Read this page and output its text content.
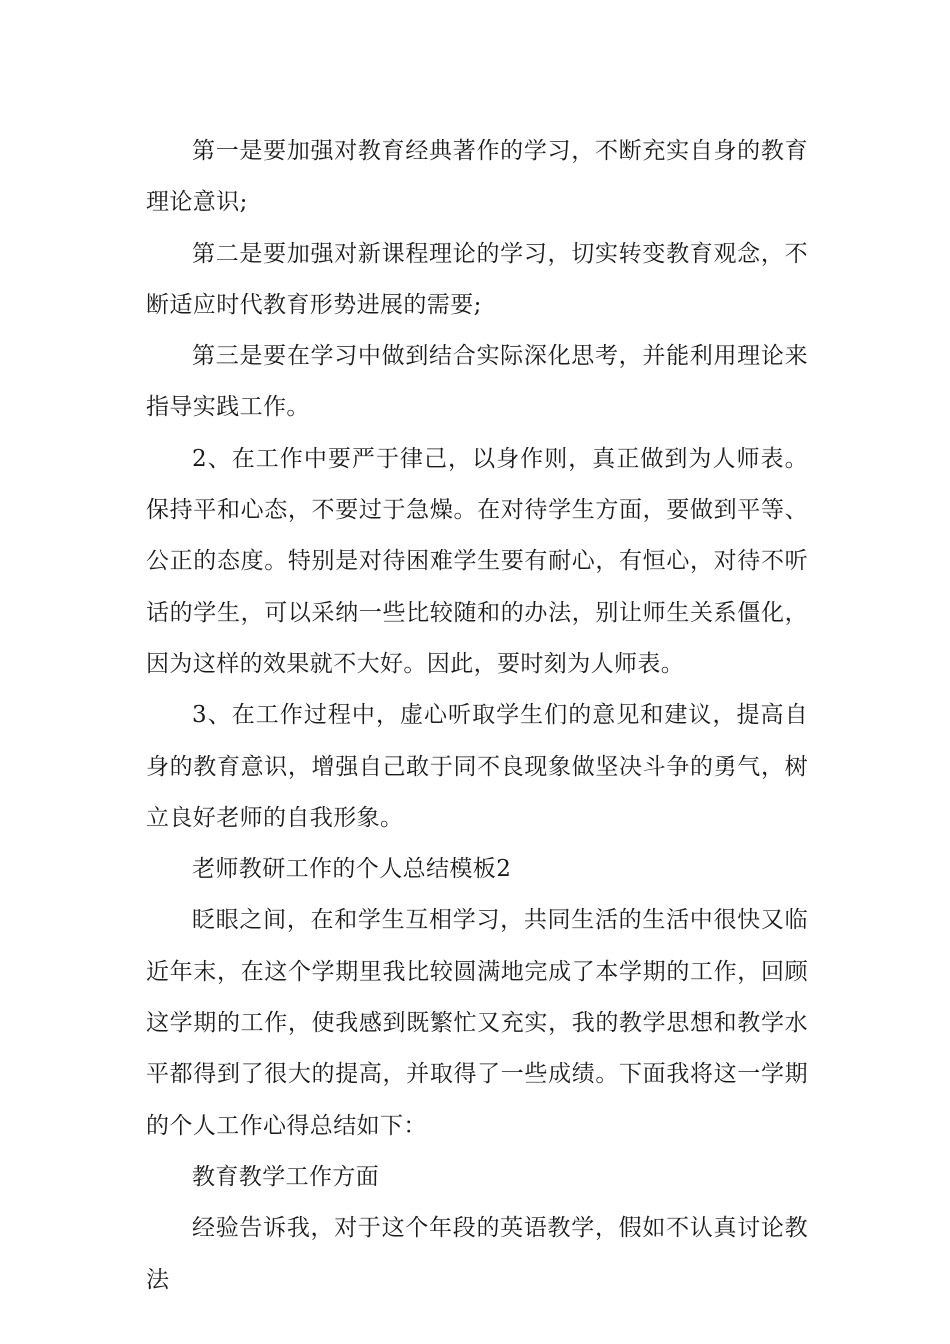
第一是要加强对教育经典著作的学习，不断充实自身的教育理论意识;

第二是要加强对新课程理论的学习，切实转变教育观念，不断适应时代教育形势进展的需要;

第三是要在学习中做到结合实际深化思考，并能利用理论来指导实践工作。

2、在工作中要严于律己，以身作则，真正做到为人师表。保持平和心态，不要过于急燥。在对待学生方面，要做到平等、公正的态度。特别是对待困难学生要有耐心，有恒心，对待不听话的学生，可以采纳一些比较随和的办法，别让师生关系僵化，因为这样的效果就不大好。因此，要时刻为人师表。

3、在工作过程中，虚心听取学生们的意见和建议，提高自身的教育意识，增强自己敢于同不良现象做坚决斗争的勇气，树立良好老师的自我形象。

老师教研工作的个人总结模板2

眨眼之间，在和学生互相学习，共同生活的生活中很快又临近年末，在这个学期里我比较圆满地完成了本学期的工作，回顾这学期的工作，使我感到既繁忙又充实，我的教学思想和教学水平都得到了很大的提高，并取得了一些成绩。下面我将这一学期的个人工作心得总结如下：

教育教学工作方面

经验告诉我，对于这个年段的英语教学，假如不认真讨论教法
